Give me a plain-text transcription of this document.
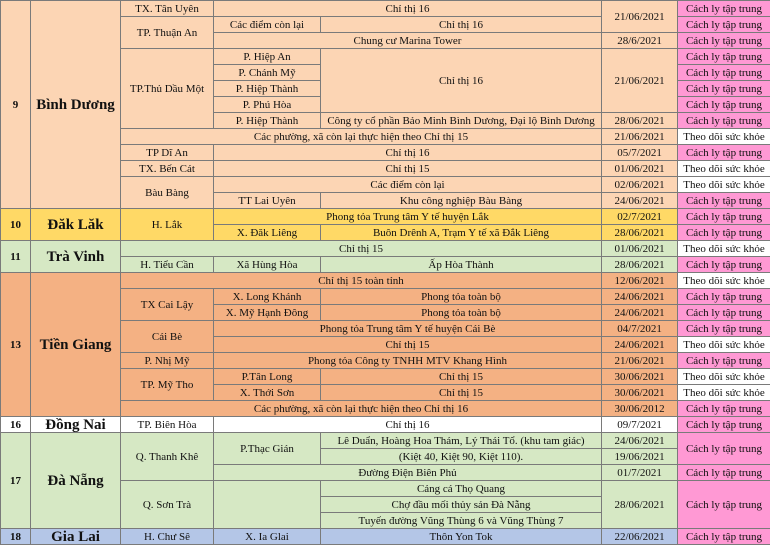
9	Bình Dương	TX. Tân Uyên	Chỉ thị 16		21/06/2021	Cách ly tập trung
		TP. Thuận An	Các điểm còn lại	Chỉ thị 16		Cách ly tập trung
			Chung cư Marina Tower		28/6/2021	Cách ly tập trung
		TP.Thủ Dầu Một	P. Hiệp An	Chỉ thị 16	21/06/2021	Cách ly tập trung
			P. Chánh Mỹ			Cách ly tập trung
			P. Hiệp Thành			Cách ly tập trung
			P. Phú Hòa			Cách ly tập trung
			P. Hiệp Thành	Công ty cổ phần Bảo Minh Bình Dương, Đại lộ Bình Dương	28/06/2021	Cách ly tập trung
		Các phường, xã còn lại thực hiện theo Chỉ thị 15			21/06/2021	Theo dõi sức khỏe
		TP Dĩ An	Chỉ thị 16		05/7/2021	Cách ly tập trung
		TX. Bến Cát	Chỉ thị 15		01/06/2021	Theo dõi sức khỏe
		Bàu Bàng	Các điểm còn lại		02/06/2021	Theo dõi sức khỏe
			TT Lai Uyên	Khu công nghiệp Bàu Bàng	24/06/2021	Cách ly tập trung
10	Đăk Lăk	H. Lắk	Phong tỏa Trung tâm Y tế huyện Lắk		02/7/2021	Cách ly tập trung
			X. Đăk Liêng	Buôn Drênh A, Trạm Y tế xã Đắk Liêng	28/06/2021	Cách ly tập trung
11	Trà Vinh	Chỉ thị 15			01/06/2021	Theo dõi sức khỏe
		H. Tiểu Cần	Xã Hùng Hòa	Ấp Hòa Thành	28/06/2021	Cách ly tập trung
13	Tiền Giang	Chỉ thị 15 toàn tỉnh			12/06/2021	Theo dõi sức khỏe
		TX Cai Lậy	X. Long Khánh	Phong tỏa toàn bộ	24/06/2021	Cách ly tập trung
			X. Mỹ Hạnh Đông	Phong tỏa toàn bộ	24/06/2021	Cách ly tập trung
		Cái Bè	Phong tỏa Trung tâm Y tế huyện Cái Bè		04/7/2021	Cách ly tập trung
			Chỉ thị 15		24/06/2021	Theo dõi sức khỏe
		P. Nhị Mỹ	Phong tỏa Công ty TNHH MTV Khang Hình		21/06/2021	Cách ly tập trung
		TP. Mỹ Tho	P.Tân Long	Chỉ thị 15	30/06/2021	Theo dõi sức khỏe
			X. Thới Sơn	Chỉ thị 15	30/06/2021	Theo dõi sức khỏe
		Các phường, xã còn lại thực hiện theo Chỉ thị 16			30/06/2012	Cách ly tập trung
16	Đồng Nai	TP. Biên Hòa	Chỉ thị 16		09/7/2021	Cách ly tập trung
17	Đà Nẵng	Q. Thanh Khê	P.Thạc Gián	Lê Duẩn, Hoàng Hoa Thám, Lý Thái Tổ. (khu tam giác)	24/06/2021	Cách ly tập trung
				(Kiệt 40, Kiệt 90, Kiệt 110).	19/06/2021	
			Đường Điện Biên Phủ		01/7/2021	Cách ly tập trung
		Q. Sơn Trà		Cảng cá Thọ Quang	28/06/2021	Cách ly tập trung
				Chợ đầu mối thủy sản Đà Nẵng		
				Tuyến đường Vũng Thùng 6 và Vũng Thùng 7		
18	Gia Lai	H. Chư Sê	X. Ia Glai	Thôn Yon Tok	22/06/2021	Cách ly tập trung
